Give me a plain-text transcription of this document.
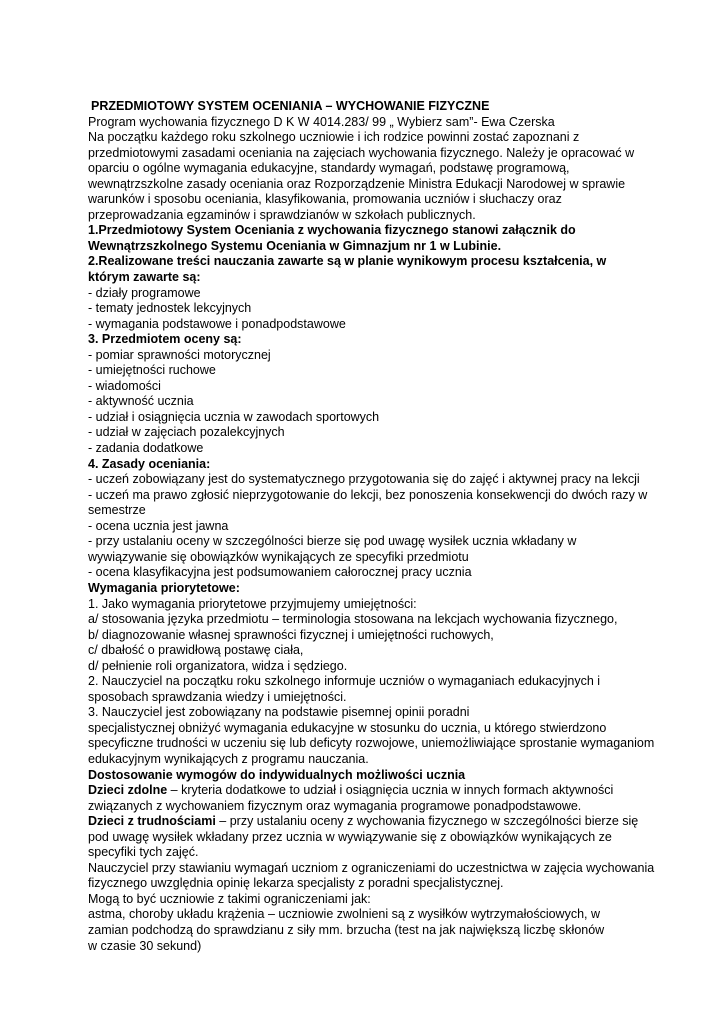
PRZEDMIOTOWY SYSTEM OCENIANIA – WYCHOWANIE FIZYCZNE

Program wychowania fizycznego D K W 4014.283/ 99 „ Wybierz sam”- Ewa Czerska

Na początku każdego roku szkolnego uczniowie i ich rodzice powinni zostać zapoznani z

przedmiotowymi zasadami oceniania na zajęciach wychowania fizycznego. Należy je opracować w

oparciu o ogólne wymagania edukacyjne, standardy wymagań, podstawę programową,

wewnątrzszkolne zasady oceniania oraz Rozporządzenie Ministra Edukacji Narodowej w sprawie

warunków i sposobu oceniania, klasyfikowania, promowania uczniów i słuchaczy oraz

przeprowadzania egzaminów i sprawdzianów w szkołach publicznych.

1.Przedmiotowy System Oceniania z wychowania fizycznego stanowi załącznik do

Wewnątrzszkolnego Systemu Oceniania w Gimnazjum nr 1 w Lubinie.

2.Realizowane treści nauczania zawarte są w planie wynikowym procesu kształcenia, w

którym zawarte są:

- działy programowe

- tematy jednostek lekcyjnych

- wymagania podstawowe i ponadpodstawowe

3. Przedmiotem oceny są:

- pomiar sprawności motorycznej

- umiejętności ruchowe

- wiadomości

- aktywność ucznia

- udział i osiągnięcia ucznia w zawodach sportowych

- udział w zajęciach pozalekcyjnych

- zadania dodatkowe

4. Zasady oceniania:

- uczeń zobowiązany jest do systematycznego przygotowania się do zajęć i aktywnej pracy na lekcji

- uczeń ma prawo zgłosić nieprzygotowanie do lekcji, bez ponoszenia konsekwencji do dwóch razy w

semestrze

- ocena ucznia jest jawna

- przy ustalaniu oceny w szczególności bierze się pod uwagę wysiłek ucznia wkładany w

wywiązywanie się obowiązków wynikających ze specyfiki przedmiotu

- ocena klasyfikacyjna jest podsumowaniem całorocznej pracy ucznia

Wymagania priorytetowe:

1. Jako wymagania priorytetowe przyjmujemy umiejętności:

a/ stosowania języka przedmiotu – terminologia stosowana na lekcjach wychowania fizycznego,

b/ diagnozowanie własnej sprawności fizycznej i umiejętności ruchowych,

c/ dbałość o prawidłową postawę ciała,

d/ pełnienie roli organizatora, widza i sędziego.

2. Nauczyciel na początku roku szkolnego informuje uczniów o wymaganiach edukacyjnych i

sposobach sprawdzania wiedzy i umiejętności.

3. Nauczyciel jest zobowiązany na podstawie pisemnej opinii poradni

specjalistycznej obniżyć wymagania edukacyjne w stosunku do ucznia, u którego stwierdzono

specyficzne trudności w uczeniu się lub deficyty rozwojowe, uniemożliwiające sprostanie wymaganiom

edukacyjnym wynikających z programu nauczania.

Dostosowanie wymogów do indywidualnych możliwości ucznia

Dzieci zdolne – kryteria dodatkowe to udział i osiągnięcia ucznia w innych formach aktywności

związanych z wychowaniem fizycznym oraz wymagania programowe ponadpodstawowe.

Dzieci z trudnościami – przy ustalaniu oceny z wychowania fizycznego w szczególności bierze się

pod uwagę wysiłek wkładany przez ucznia w wywiązywanie się z obowiązków wynikających ze

specyfiki tych zajęć.

Nauczyciel przy stawianiu wymagań uczniom z ograniczeniami do uczestnictwa w zajęcia wychowania

fizycznego uwzględnia opinię lekarza specjalisty z poradni specjalistycznej.

Mogą to być uczniowie z takimi ograniczeniami jak:

astma, choroby układu krążenia – uczniowie zwolnieni są z wysiłków wytrzymałościowych, w

zamian podchodzą do sprawdzianu z siły mm. brzucha (test na jak największą liczbę skłonów

w czasie 30 sekund)
